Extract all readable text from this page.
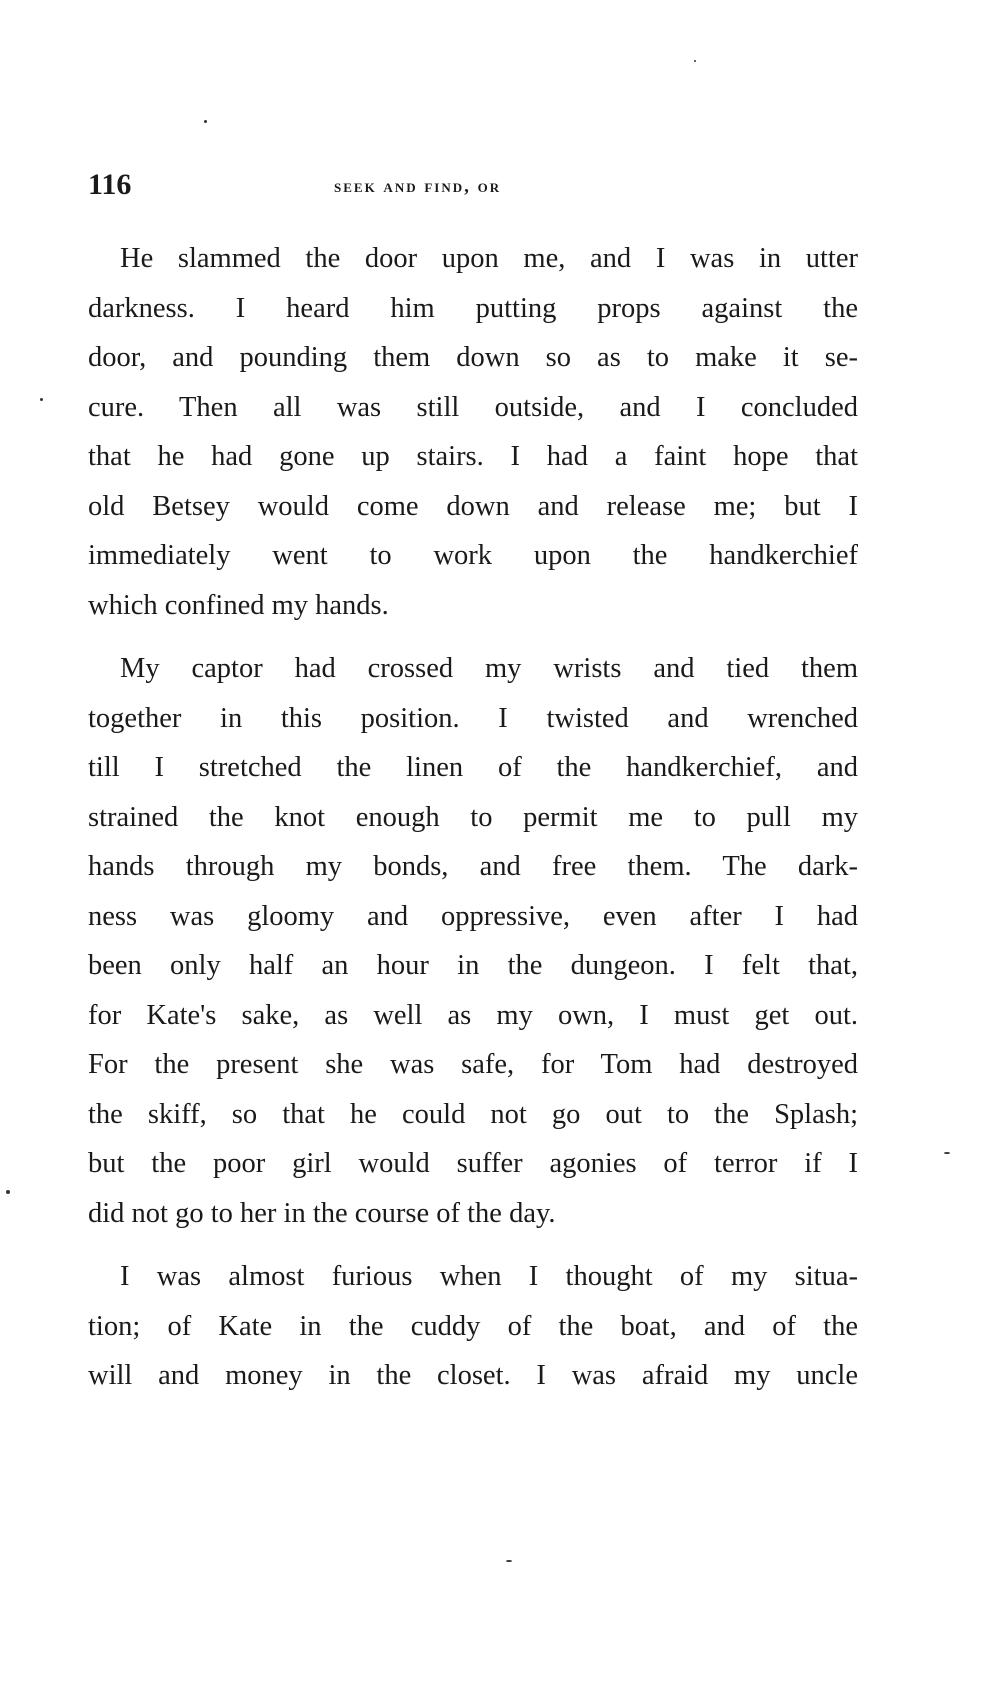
116	seek and find, or
He slammed the door upon me, and I was in utter
darkness. I heard him putting props against the
door, and pounding them down so as to make it se-
cure. Then all was still outside, and I concluded
that he had gone up stairs. I had a faint hope that
old Betsey would come down and release me; but I
immediately went to work upon the handkerchief
which confined my hands.
My captor had crossed my wrists and tied them
together in this position. I twisted and wrenched
till I stretched the linen of the handkerchief, and
strained the knot enough to permit me to pull my
hands through my bonds, and free them. The dark-
ness was gloomy and oppressive, even after I had
been only half an hour in the dungeon. I felt that,
for Kate's sake, as well as my own, I must get out.
For the present she was safe, for Tom had destroyed
the skiff, so that he could not go out to the Splash;
but the poor girl would suffer agonies of terror if I
did not go to her in the course of the day.
I was almost furious when I thought of my situa-
tion; of Kate in the cuddy of the boat, and of the
will and money in the closet. I was afraid my uncle
